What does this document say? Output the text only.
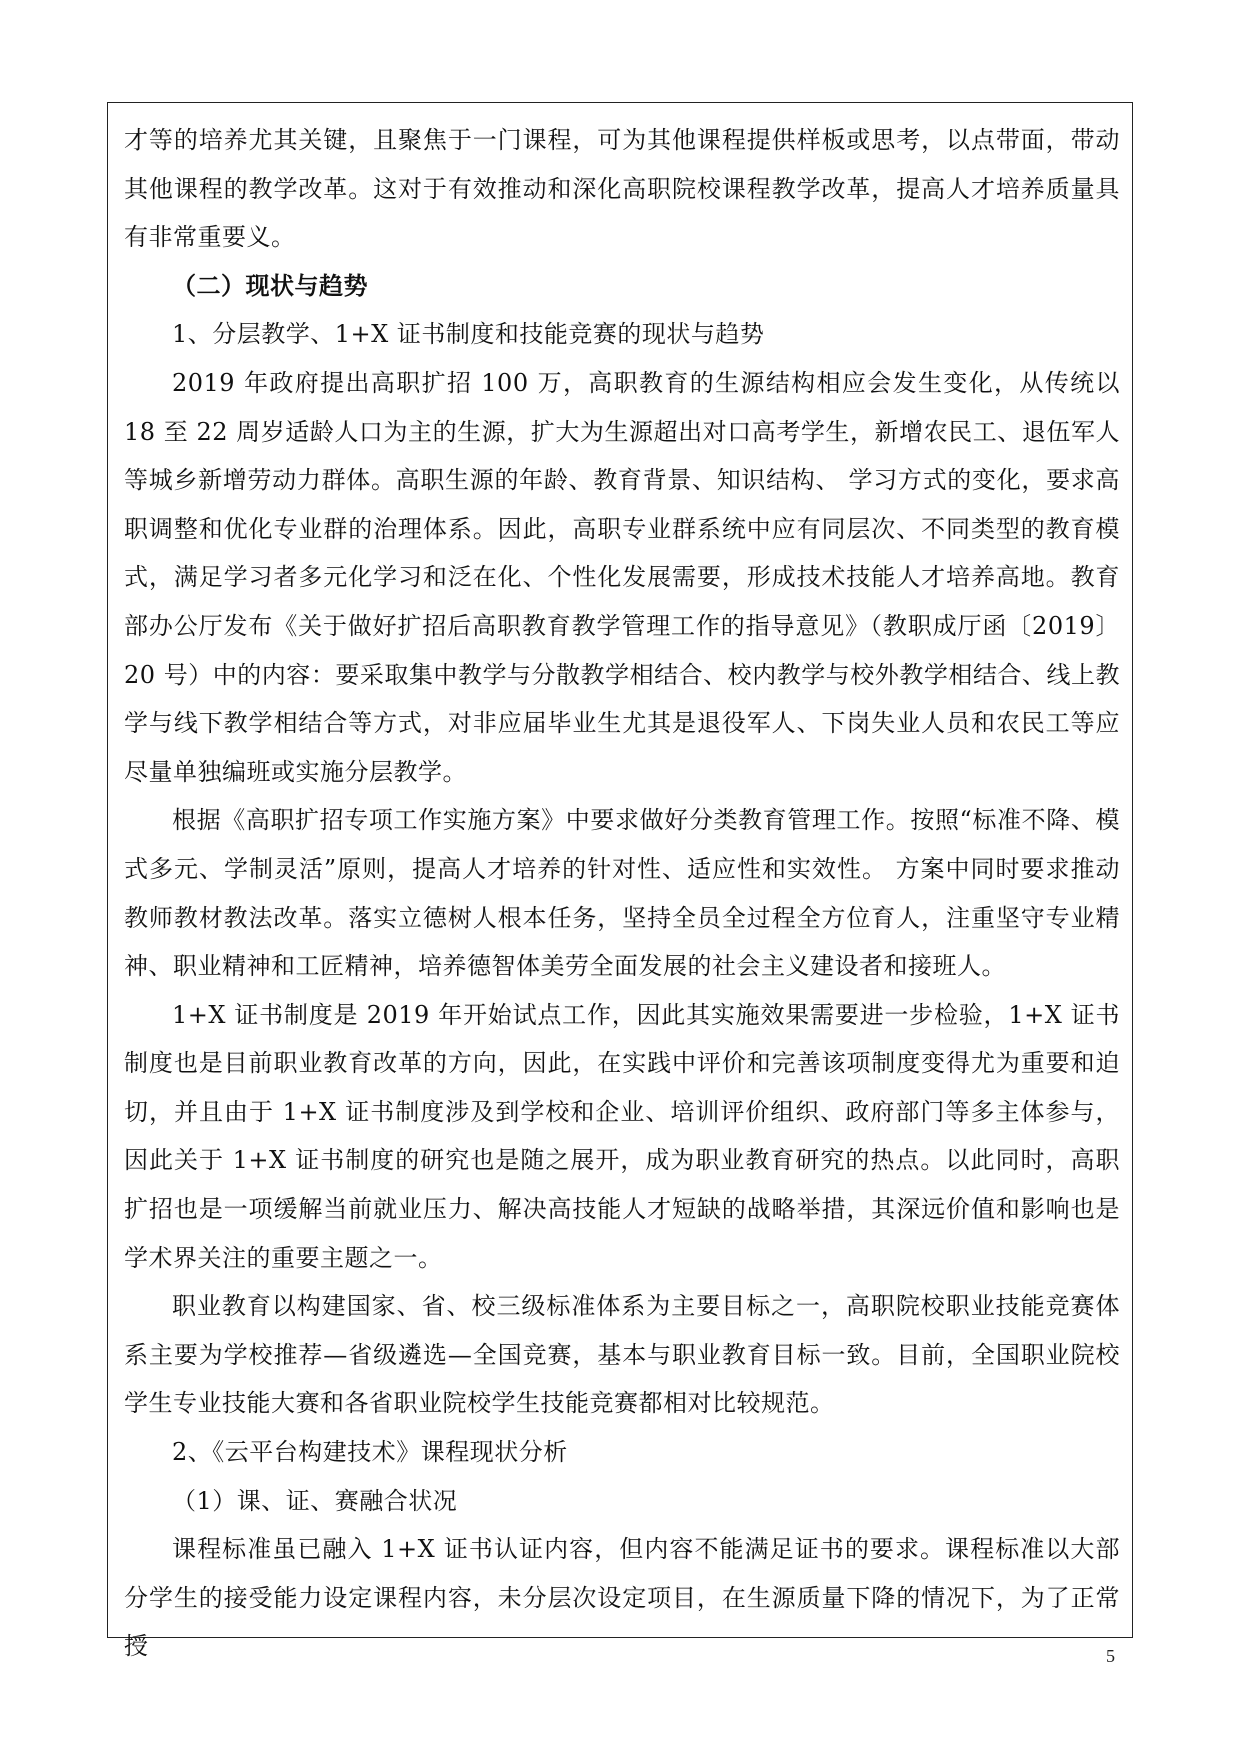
才等的培养尤其关键，且聚焦于一门课程，可为其他课程提供样板或思考，以点带面，带动其他课程的教学改革。这对于有效推动和深化高职院校课程教学改革，提高人才培养质量具有非常重要义。

（二）现状与趋势

1、分层教学、1+X 证书制度和技能竞赛的现状与趋势

2019 年政府提出高职扩招 100 万，高职教育的生源结构相应会发生变化，从传统以 18 至 22 周岁适龄人口为主的生源，扩大为生源超出对口高考学生，新增农民工、退伍军人等城乡新增劳动力群体。高职生源的年龄、教育背景、知识结构、 学习方式的变化，要求高职调整和优化专业群的治理体系。因此，高职专业群系统中应有同层次、不同类型的教育模式，满足学习者多元化学习和泛在化、个性化发展需要，形成技术技能人才培养高地。教育部办公厅发布《关于做好扩招后高职教育教学管理工作的指导意见》（教职成厅函〔2019〕20 号）中的内容：要采取集中教学与分散教学相结合、校内教学与校外教学相结合、线上教学与线下教学相结合等方式，对非应届毕业生尤其是退役军人、下岗失业人员和农民工等应尽量单独编班或实施分层教学。

根据《高职扩招专项工作实施方案》中要求做好分类教育管理工作。按照“标准不降、模式多元、学制灵活”原则，提高人才培养的针对性、适应性和实效性。 方案中同时要求推动教师教材教法改革。落实立德树人根本任务，坚持全员全过程全方位育人，注重坚守专业精神、职业精神和工匠精神，培养德智体美劳全面发展的社会主义建设者和接班人。

1+X 证书制度是 2019 年开始试点工作，因此其实施效果需要进一步检验，1+X 证书制度也是目前职业教育改革的方向，因此，在实践中评价和完善该项制度变得尤为重要和迫切，并且由于 1+X 证书制度涉及到学校和企业、培训评价组织、政府部门等多主体参与，因此关于 1+X 证书制度的研究也是随之展开，成为职业教育研究的热点。以此同时，高职扩招也是一项缓解当前就业压力、解决高技能人才短缺的战略举措，其深远价值和影响也是学术界关注的重要主题之一。

职业教育以构建国家、省、校三级标准体系为主要目标之一，高职院校职业技能竞赛体系主要为学校推荐—省级遴选—全国竞赛，基本与职业教育目标一致。目前，全国职业院校学生专业技能大赛和各省职业院校学生技能竞赛都相对比较规范。

2、《云平台构建技术》课程现状分析

（1）课、证、赛融合状况

课程标准虽已融入 1+X 证书认证内容，但内容不能满足证书的要求。课程标准以大部分学生的接受能力设定课程内容，未分层次设定项目，在生源质量下降的情况下，为了正常授	5
